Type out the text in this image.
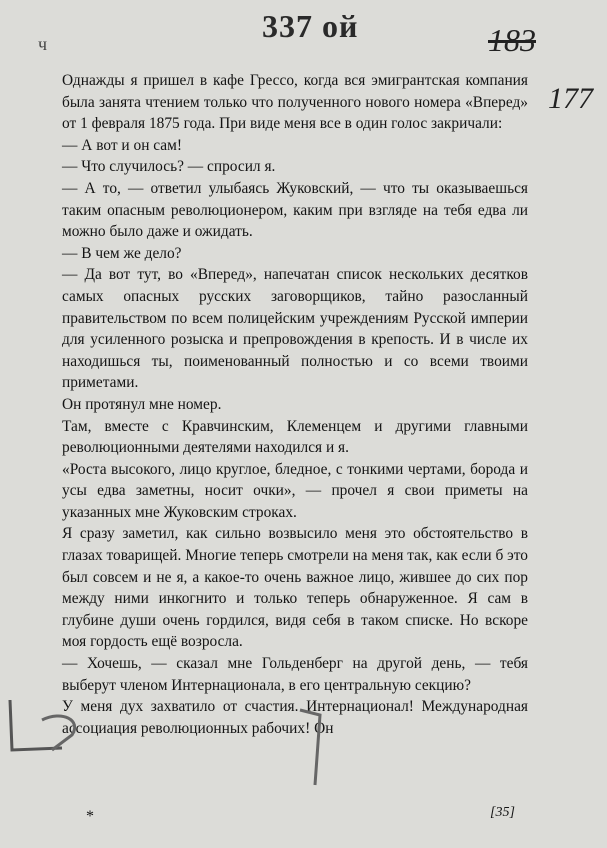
ч	337 ой	183
177

Однажды я пришел в кафе Грессо, когда вся эмигрантская компания была занята чтением только что полученного нового номера «Вперед» от 1 февраля 1875 года. При виде меня все в один голос закричали:

— А вот и он сам!

— Что случилось? — спросил я.

— А то, — ответил улыбаясь Жуковский, — что ты оказываешься таким опасным революционером, каким при взгляде на тебя едва ли можно было даже и ожидать.

— В чем же дело?

— Да вот тут, во «Вперед», напечатан список нескольких десятков самых опасных русских заговорщиков, тайно разосланный правительством по всем полицейским учреждениям Русской империи для усиленного розыска и препровождения в крепость. И в числе их находишься ты, поименованный полностью и со всеми твоими приметами.

Он протянул мне номер.

Там, вместе с Кравчинским, Клеменцем и другими главными революционными деятелями находился и я.

«Роста высокого, лицо круглое, бледное, с тонкими чертами, борода и усы едва заметны, носит очки», — прочел я свои приметы на указанных мне Жуковским строках.

Я сразу заметил, как сильно возвысило меня это обстоятельство в глазах товарищей. Многие теперь смотрели на меня так, как если б это был совсем и не я, а какое-то очень важное лицо, жившее до сих пор между ними инкогнито и только теперь обнаруженное. Я сам в глубине души очень гордился, видя себя в таком списке. Но вскоре моя гордость ещё возросла.

— Хочешь, — сказал мне Гольденберг на другой день, — тебя выберут членом Интернационала, в его центральную секцию?

У меня дух захватило от счастия. Интернационал! Международная ассоциация революционных рабочих! Он

*	[35]
